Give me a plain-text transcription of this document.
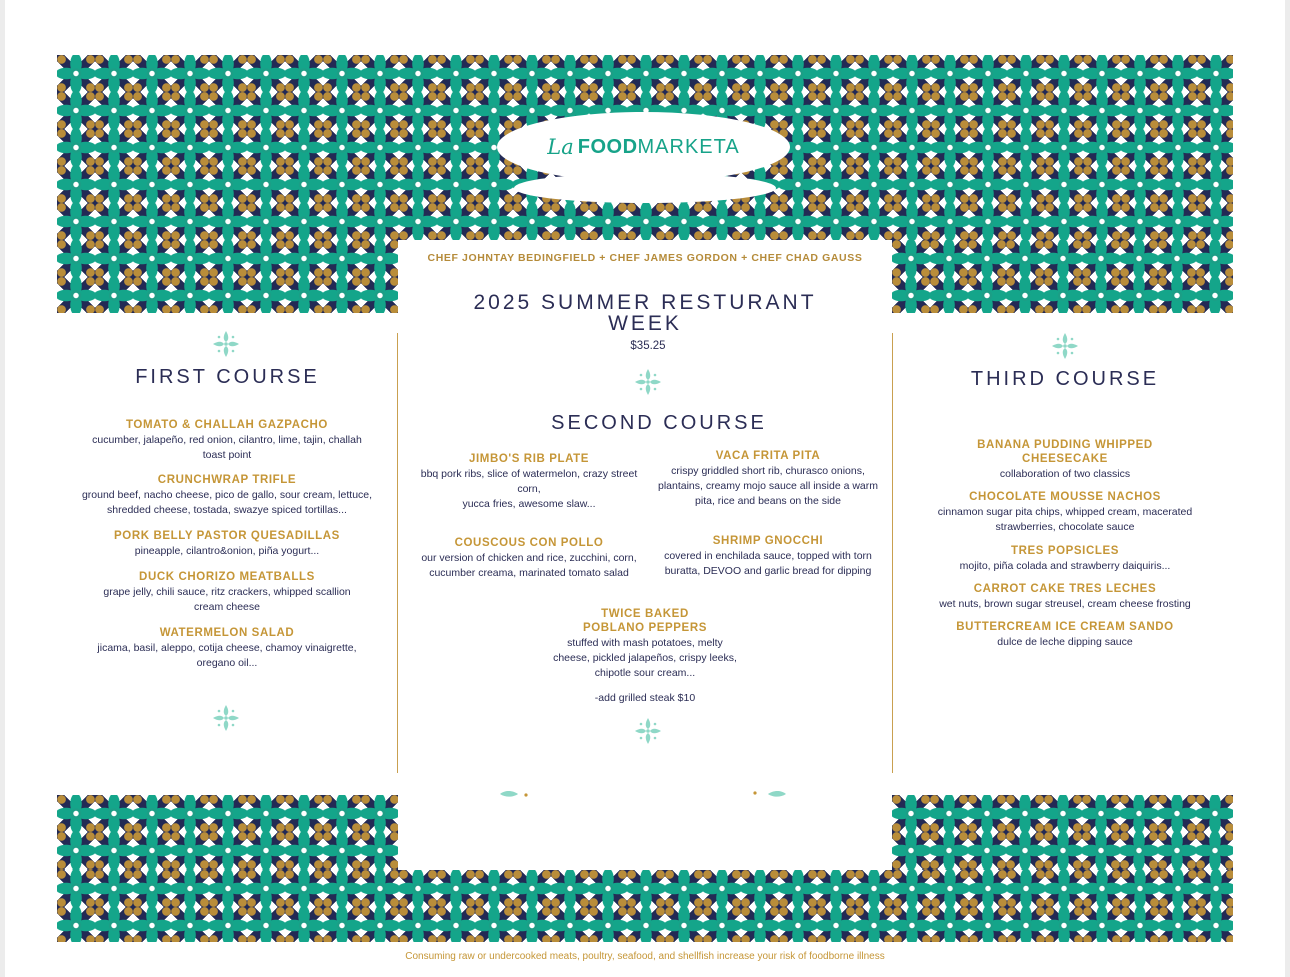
La FOOD MARKETA
CHEF JOHNTAY BEDINGFIELD + CHEF JAMES GORDON + CHEF CHAD GAUSS
2025 SUMMER RESTURANT
WEEK
$35.25
FIRST COURSE
TOMATO & CHALLAH GAZPACHO
cucumber, jalapeño, red onion, cilantro, lime, tajin, challah
toast point
CRUNCHWRAP TRIFLE
ground beef, nacho cheese, pico de gallo, sour cream, lettuce,
shredded cheese, tostada, swazye spiced tortillas...
PORK BELLY PASTOR QUESADILLAS
pineapple, cilantro&onion, piña yogurt...
DUCK CHORIZO MEATBALLS
grape jelly, chili sauce, ritz crackers, whipped scallion
cream cheese
WATERMELON SALAD
jicama, basil, aleppo, cotija cheese, chamoy vinaigrette,
oregano oil...
SECOND COURSE
JIMBO'S RIB PLATE
bbq pork ribs, slice of watermelon, crazy street corn,
yucca fries, awesome slaw...
VACA FRITA PITA
crispy griddled short rib, churasco onions,
plantains, creamy mojo sauce all inside a warm
pita, rice and beans on the side
COUSCOUS CON POLLO
our version of chicken and rice, zucchini, corn,
cucumber creama, marinated tomato salad
SHRIMP GNOCCHI
covered in enchilada sauce, topped with torn
buratta, DEVOO and garlic bread for dipping
TWICE BAKED
POBLANO PEPPERS
stuffed with mash potatoes, melty
cheese, pickled jalapeños, crispy leeks,
chipotle sour cream...
-add grilled steak $10
THIRD COURSE
BANANA PUDDING WHIPPED
CHEESECAKE
collaboration of two classics
CHOCOLATE MOUSSE NACHOS
cinnamon sugar pita chips, whipped cream, macerated
strawberries, chocolate sauce
TRES POPSICLES
mojito, piña colada and strawberry daiquiris...
CARROT CAKE TRES LECHES
wet nuts, brown sugar streusel, cream cheese frosting
BUTTERCREAM ICE CREAM SANDO
dulce de leche dipping sauce
Consuming raw or undercooked meats, poultry, seafood, and shellfish increase your risk of foodborne illness
